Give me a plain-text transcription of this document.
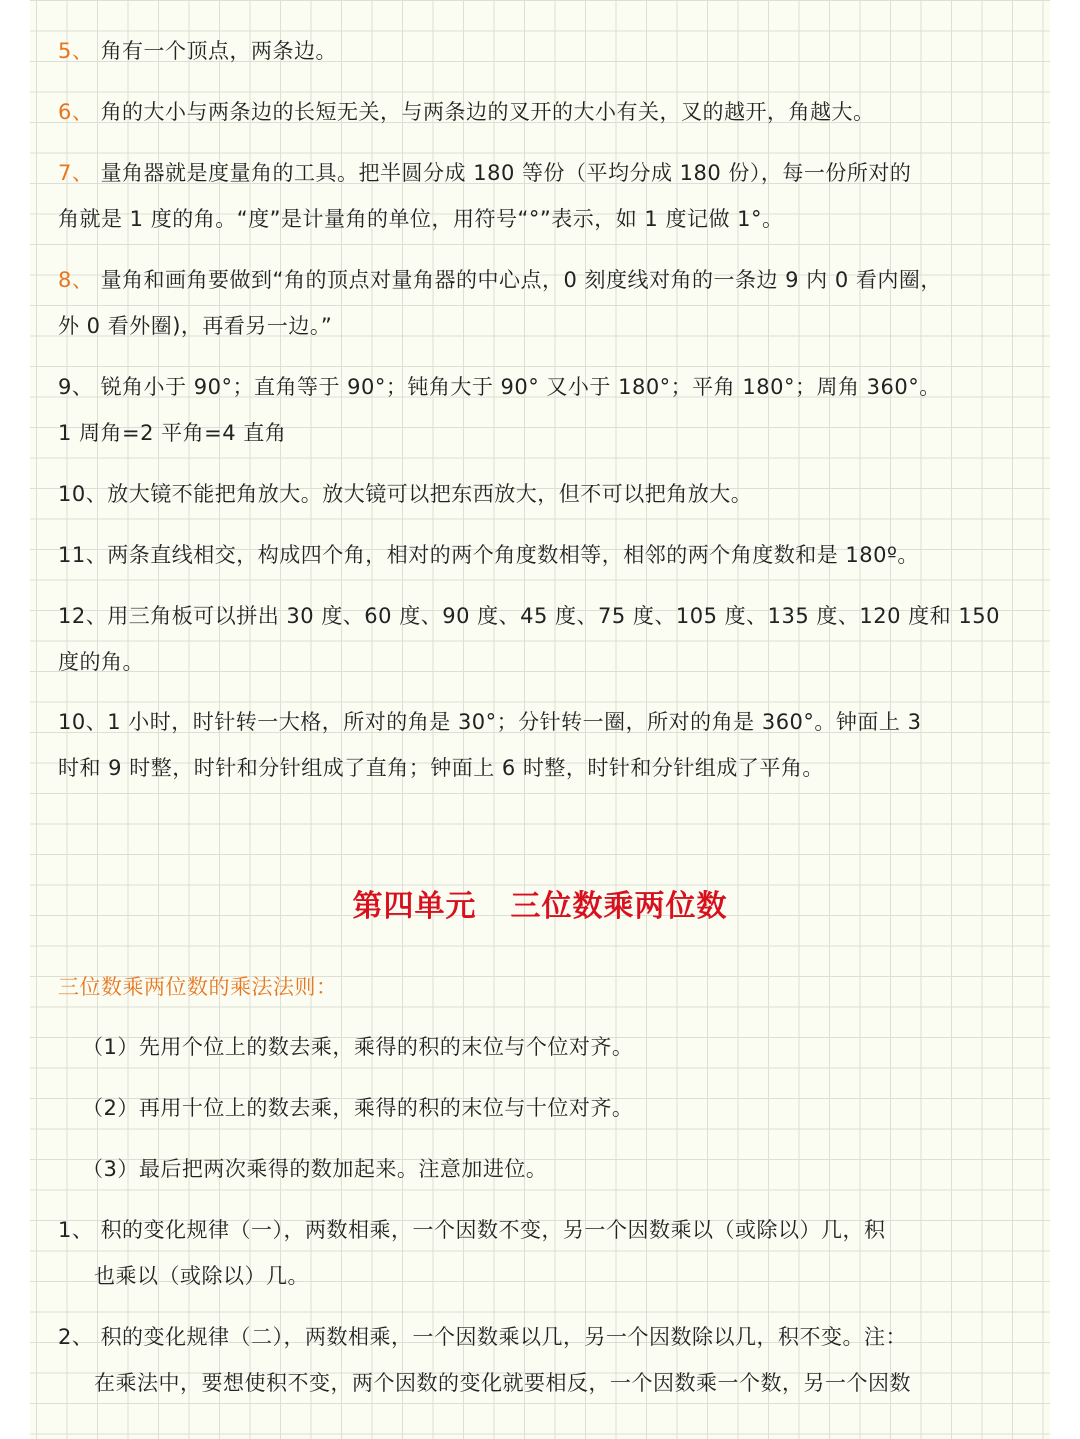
5、 角有一个顶点，两条边。
6、 角的大小与两条边的长短无关，与两条边的叉开的大小有关，叉的越开，角越大。
7、 量角器就是度量角的工具。把半圆分成 180 等份（平均分成 180 份），每一份所对的
角就是 1 度的角。“度”是计量角的单位，用符号“°”表示，如 1 度记做 1°。
8、 量角和画角要做到“角的顶点对量角器的中心点，0 刻度线对角的一条边 9 内 0 看内圈，
外 0 看外圈)，再看另一边。”
9、 锐角小于 90°；直角等于 90°；钝角大于 90° 又小于 180°；平角 180°；周角 360°。
1 周角=2 平角=4 直角
10、放大镜不能把角放大。放大镜可以把东西放大，但不可以把角放大。
11、两条直线相交，构成四个角，相对的两个角度数相等，相邻的两个角度数和是 180º。
12、用三角板可以拼出 30 度、60 度、90 度、45 度、75 度、105 度、135 度、120 度和 150
度的角。
10、1 小时，时针转一大格，所对的角是 30°；分针转一圈，所对的角是 360°。钟面上 3
时和 9 时整，时针和分针组成了直角；钟面上 6 时整，时针和分针组成了平角。
第四单元 三位数乘两位数
三位数乘两位数的乘法法则：
（1）先用个位上的数去乘，乘得的积的末位与个位对齐。
（2）再用十位上的数去乘，乘得的积的末位与十位对齐。
（3）最后把两次乘得的数加起来。注意加进位。
1、 积的变化规律（一），两数相乘，一个因数不变，另一个因数乘以（或除以）几，积
也乘以（或除以）几。
2、 积的变化规律（二），两数相乘，一个因数乘以几，另一个因数除以几，积不变。注：
在乘法中，要想使积不变，两个因数的变化就要相反，一个因数乘一个数，另一个因数
